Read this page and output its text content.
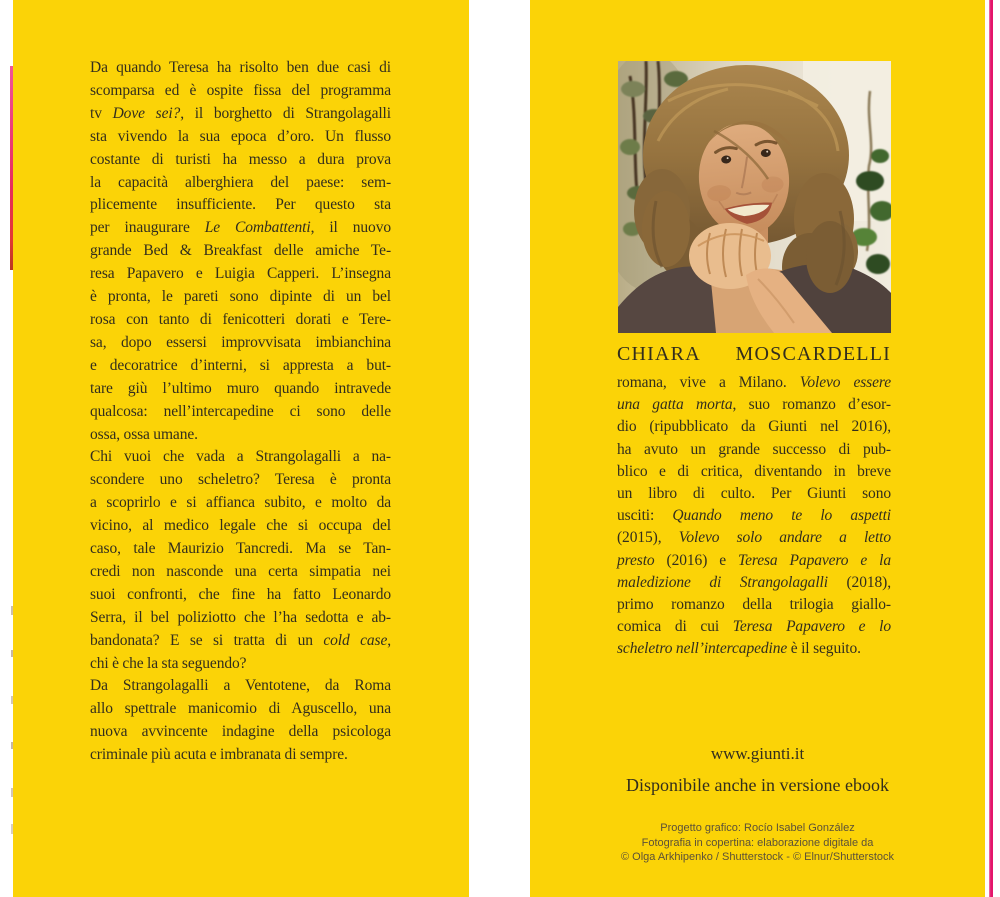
Da quando Teresa ha risolto ben due casi di
scomparsa ed è ospite fissa del programma
tv Dove sei?, il borghetto di Strangolagalli
sta vivendo la sua epoca d’oro. Un flusso
costante di turisti ha messo a dura prova
la capacità alberghiera del paese: sem-
plicemente insufficiente. Per questo sta
per inaugurare Le Combattenti, il nuovo
grande Bed & Breakfast delle amiche Te-
resa Papavero e Luigia Capperi. L’insegna
è pronta, le pareti sono dipinte di un bel
rosa con tanto di fenicotteri dorati e Tere-
sa, dopo essersi improvvisata imbianchina
e decoratrice d’interni, si appresta a but-
tare giù l’ultimo muro quando intravede
qualcosa: nell’intercapedine ci sono delle
ossa, ossa umane.
Chi vuoi che vada a Strangolagalli a na-
scondere uno scheletro? Teresa è pronta
a scoprirlo e si affianca subito, e molto da
vicino, al medico legale che si occupa del
caso, tale Maurizio Tancredi. Ma se Tan-
credi non nasconde una certa simpatia nei
suoi confronti, che fine ha fatto Leonardo
Serra, il bel poliziotto che l’ha sedotta e ab-
bandonata? E se si tratta di un cold case,
chi è che la sta seguendo?
Da Strangolagalli a Ventotene, da Roma
allo spettrale manicomio di Aguscello, una
nuova avvincente indagine della psicologa
criminale più acuta e imbranata di sempre.
CHIARA MOSCARDELLI
romana, vive a Milano. Volevo essere
una gatta morta, suo romanzo d’esor-
dio (ripubblicato da Giunti nel 2016),
ha avuto un grande successo di pub-
blico e di critica, diventando in breve
un libro di culto. Per Giunti sono
usciti: Quando meno te lo aspetti
(2015), Volevo solo andare a letto
presto (2016) e Teresa Papavero e la
maledizione di Strangolagalli (2018),
primo romanzo della trilogia giallo-
comica di cui Teresa Papavero e lo
scheletro nell’intercapedine è il seguito.
www.giunti.it
Disponibile anche in versione ebook
Progetto grafico: Rocío Isabel González
Fotografia in copertina: elaborazione digitale da
© Olga Arkhipenko / Shutterstock - © Elnur/Shutterstock
